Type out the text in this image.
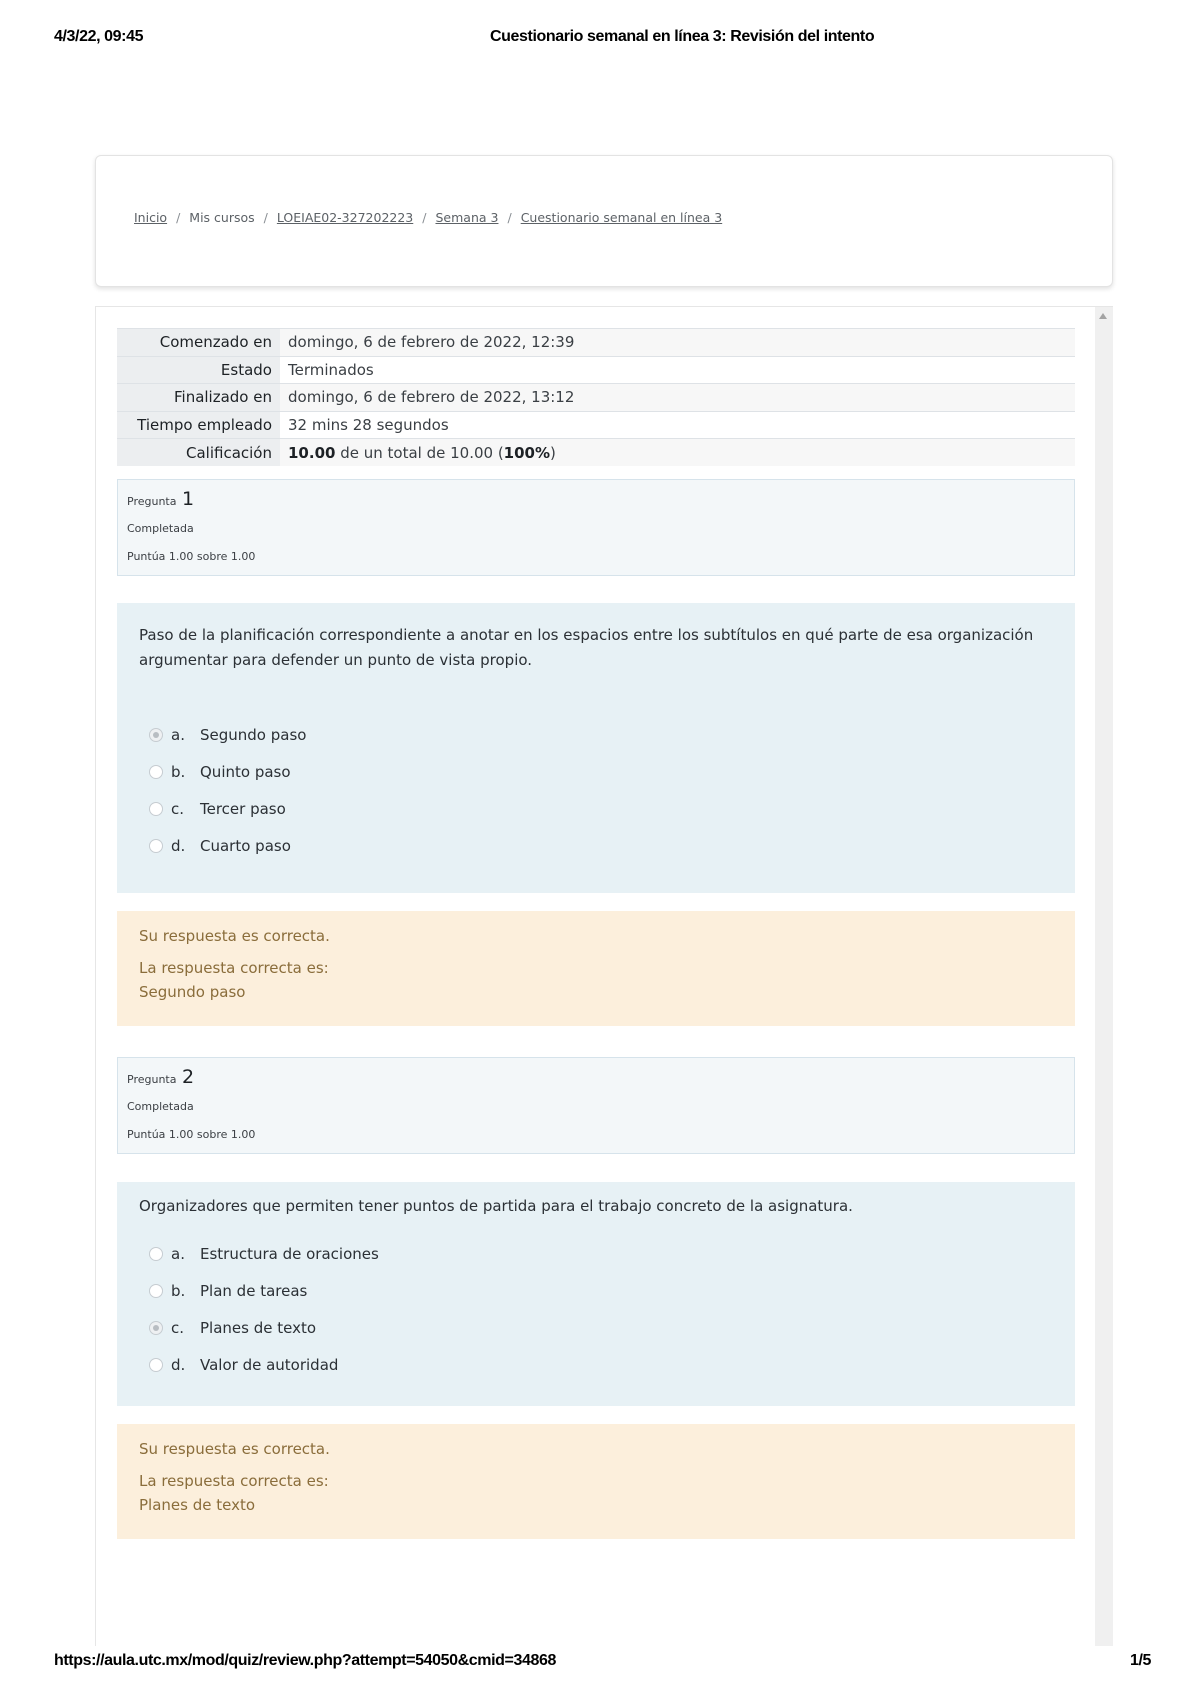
4/3/22, 09:45	Cuestionario semanal en línea 3: Revisión del intento
Inicio / Mis cursos / LOEIAE02-327202223 / Semana 3 / Cuestionario semanal en línea 3
Comenzado en	domingo, 6 de febrero de 2022, 12:39
Estado	Terminados
Finalizado en	domingo, 6 de febrero de 2022, 13:12
Tiempo empleado	32 mins 28 segundos
Calificación	10.00 de un total de 10.00 (100%)
Pregunta 1
Completada
Puntúa 1.00 sobre 1.00
Paso de la planificación correspondiente a anotar en los espacios entre los subtítulos en qué parte de esa organización
argumentar para defender un punto de vista propio.
a.	Segundo paso
b. Quinto paso
c.	Tercer paso
d. Cuarto paso
Su respuesta es correcta.
La respuesta correcta es:
Segundo paso
Pregunta 2
Completada
Puntúa 1.00 sobre 1.00
Organizadores que permiten tener puntos de partida para el trabajo concreto de la asignatura.
a.	Estructura de oraciones
b. Plan de tareas
c.	Planes de texto
d. Valor de autoridad
Su respuesta es correcta.
La respuesta correcta es:
Planes de texto
https://aula.utc.mx/mod/quiz/review.php?attempt=54050&cmid=34868	1/5
